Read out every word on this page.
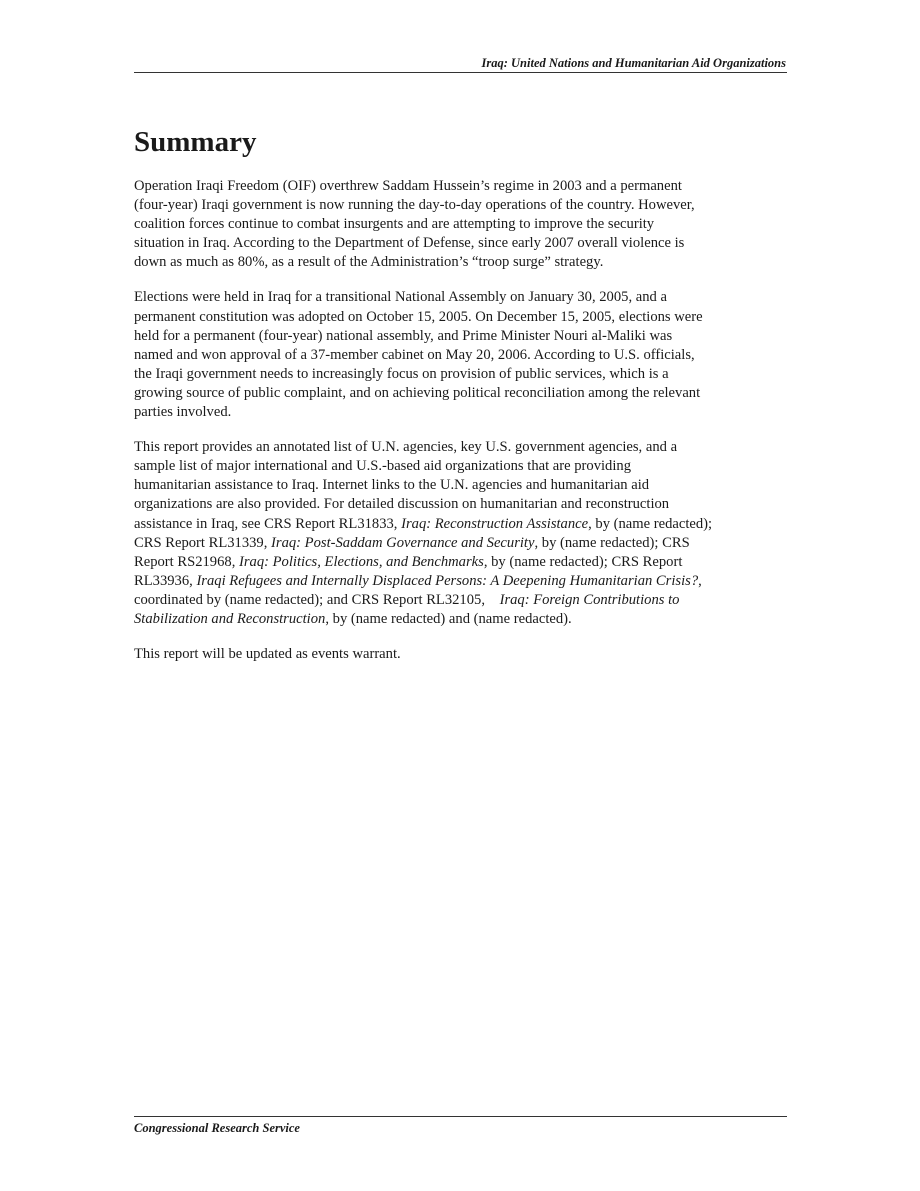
Iraq: United Nations and Humanitarian Aid Organizations
Summary

Operation Iraqi Freedom (OIF) overthrew Saddam Hussein’s regime in 2003 and a permanent
(four-year) Iraqi government is now running the day-to-day operations of the country. However,
coalition forces continue to combat insurgents and are attempting to improve the security
situation in Iraq. According to the Department of Defense, since early 2007 overall violence is
down as much as 80%, as a result of the Administration’s “troop surge” strategy.

Elections were held in Iraq for a transitional National Assembly on January 30, 2005, and a
permanent constitution was adopted on October 15, 2005. On December 15, 2005, elections were
held for a permanent (four-year) national assembly, and Prime Minister Nouri al-Maliki was
named and won approval of a 37-member cabinet on May 20, 2006. According to U.S. officials,
the Iraqi government needs to increasingly focus on provision of public services, which is a
growing source of public complaint, and on achieving political reconciliation among the relevant
parties involved.

This report provides an annotated list of U.N. agencies, key U.S. government agencies, and a
sample list of major international and U.S.-based aid organizations that are providing
humanitarian assistance to Iraq. Internet links to the U.N. agencies and humanitarian aid
organizations are also provided. For detailed discussion on humanitarian and reconstruction
assistance in Iraq, see CRS Report RL31833, Iraq: Reconstruction Assistance, by (name redacted);
CRS Report RL31339, Iraq: Post-Saddam Governance and Security, by (name redacted); CRS
Report RS21968, Iraq: Politics, Elections, and Benchmarks, by (name redacted); CRS Report
RL33936, Iraqi Refugees and Internally Displaced Persons: A Deepening Humanitarian Crisis?,
coordinated by (name redacted); and CRS Report RL32105,    Iraq: Foreign Contributions to
Stabilization and Reconstruction, by (name redacted) and (name redacted).

This report will be updated as events warrant.

Congressional Research Service
